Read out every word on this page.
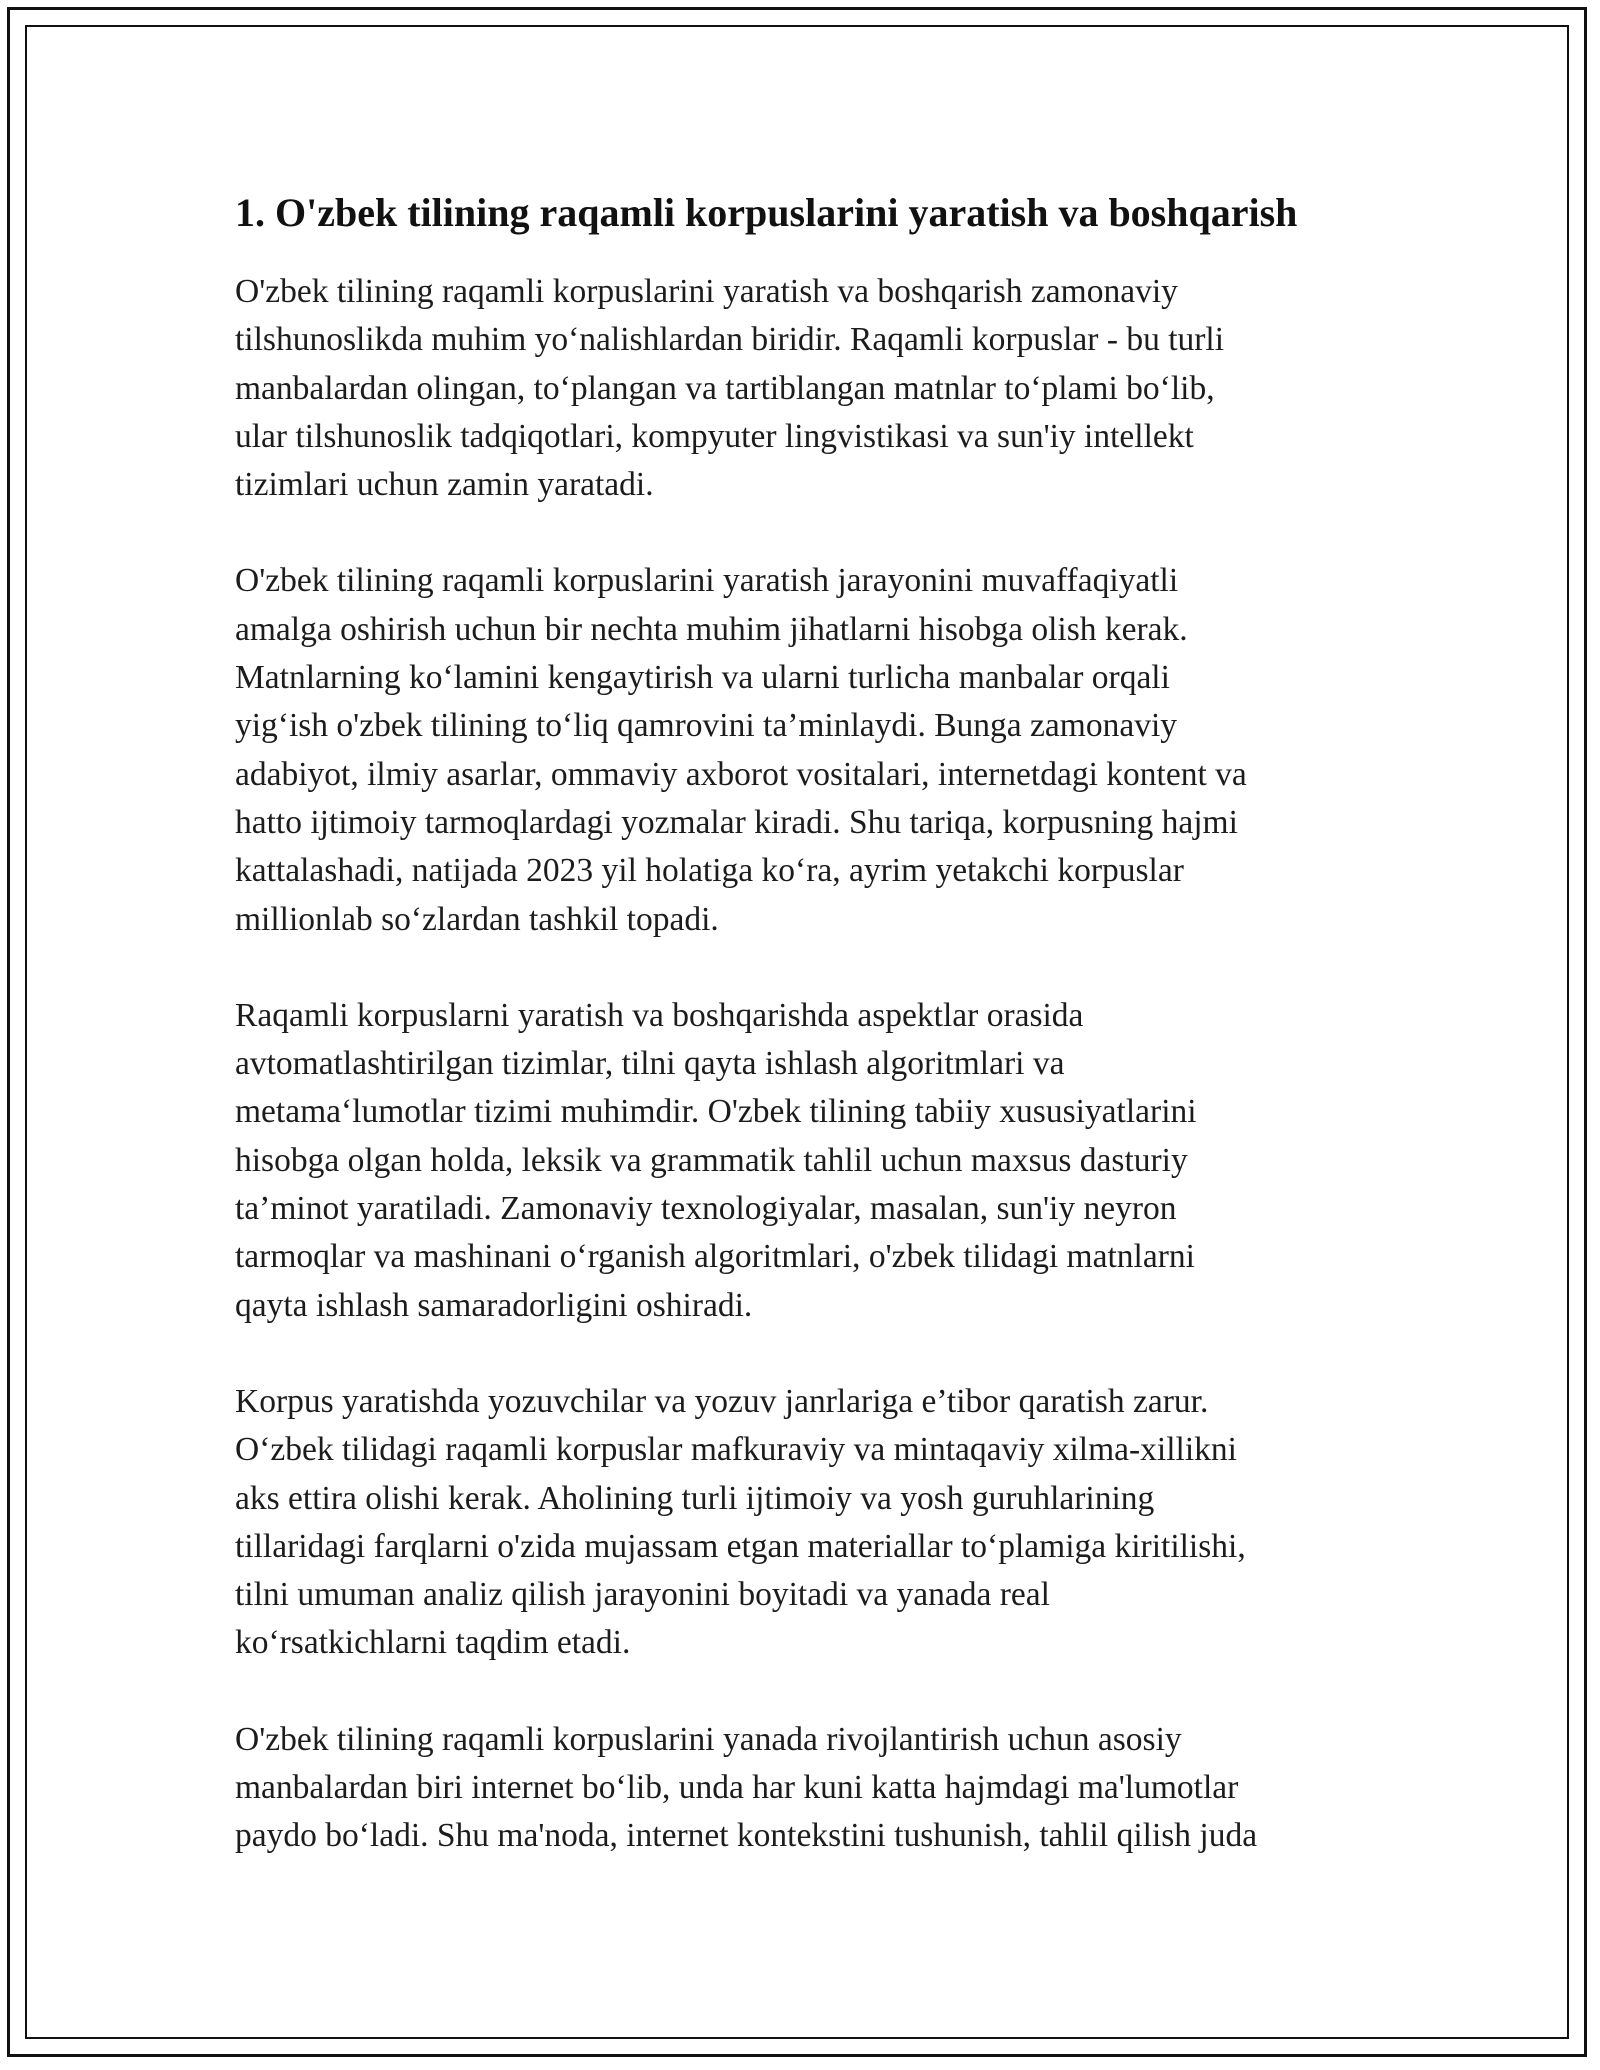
1. O'zbek tilining raqamli korpuslarini yaratish va boshqarish

O'zbek tilining raqamli korpuslarini yaratish va boshqarish zamonaviy
tilshunoslikda muhim yo‘nalishlardan biridir. Raqamli korpuslar - bu turli
manbalardan olingan, to‘plangan va tartiblangan matnlar to‘plami bo‘lib,
ular tilshunoslik tadqiqotlari, kompyuter lingvistikasi va sun'iy intellekt
tizimlari uchun zamin yaratadi.

O'zbek tilining raqamli korpuslarini yaratish jarayonini muvaffaqiyatli
amalga oshirish uchun bir nechta muhim jihatlarni hisobga olish kerak.
Matnlarning ko‘lamini kengaytirish va ularni turlicha manbalar orqali
yig‘ish o'zbek tilining to‘liq qamrovini ta’minlaydi. Bunga zamonaviy
adabiyot, ilmiy asarlar, ommaviy axborot vositalari, internetdagi kontent va
hatto ijtimoiy tarmoqlardagi yozmalar kiradi. Shu tariqa, korpusning hajmi
kattalashadi, natijada 2023 yil holatiga ko‘ra, ayrim yetakchi korpuslar
millionlab so‘zlardan tashkil topadi.

Raqamli korpuslarni yaratish va boshqarishda aspektlar orasida
avtomatlashtirilgan tizimlar, tilni qayta ishlash algoritmlari va
metama‘lumotlar tizimi muhimdir. O'zbek tilining tabiiy xususiyatlarini
hisobga olgan holda, leksik va grammatik tahlil uchun maxsus dasturiy
ta’minot yaratiladi. Zamonaviy texnologiyalar, masalan, sun'iy neyron
tarmoqlar va mashinani o‘rganish algoritmlari, o'zbek tilidagi matnlarni
qayta ishlash samaradorligini oshiradi.

Korpus yaratishda yozuvchilar va yozuv janrlariga e’tibor qaratish zarur.
O‘zbek tilidagi raqamli korpuslar mafkuraviy va mintaqaviy xilma-xillikni
aks ettira olishi kerak. Aholining turli ijtimoiy va yosh guruhlarining
tillaridagi farqlarni o'zida mujassam etgan materiallar to‘plamiga kiritilishi,
tilni umuman analiz qilish jarayonini boyitadi va yanada real
ko‘rsatkichlarni taqdim etadi.

O'zbek tilining raqamli korpuslarini yanada rivojlantirish uchun asosiy
manbalardan biri internet bo‘lib, unda har kuni katta hajmdagi ma'lumotlar
paydo bo‘ladi. Shu ma'noda, internet kontekstini tushunish, tahlil qilish juda
